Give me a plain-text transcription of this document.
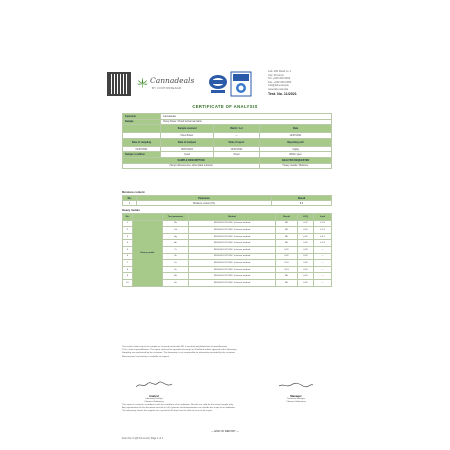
Cannadeals
BY COOTONSEAGR
Lab. 000 Road no 1
City, Province
Tel. +000 000 0000
Fax. +000 000 0000
info@lab.example
www.lab.example
Test. No. 11/2021
CERTIFICATE OF ANALYSIS
Customer	Cannadeals		
Sample	Hemp flower / Dried herbal cannabis		
	Sample received	Batch / Lot	Date
	Dried flower	—	12/07/2021
Date of sampling	Date of analysis	Date of report	Reporting unit
01/07/2021	05/07/2021	12/07/2021	mg/kg
Sample condition	Good	Dried	Within spec
SAMPLE DESCRIPTION			ANALYSIS REQUESTED
Hemp inflorescence, dried plant material			Heavy metals / Moisture
Moisture content
No.	Parameter	Result
1	Moisture content (%)	8.2
Heavy metals
No.		Test parameter	Method	Result	LOQ	Limit
1	Heavy metals	Pb	FR-M-018 ICP-MS / In-house method	ND	0.02	≤ 1.0
2		Cd	FR-M-018 ICP-MS / In-house method	ND	0.02	≤ 1.0
3		Hg	FR-M-018 ICP-MS / In-house method	ND	0.02	≤ 0.1
4		As	FR-M-018 ICP-MS / In-house method	ND	0.02	≤ 1.0
5		Cr	FR-M-018 ICP-MS / In-house method	0.31	0.02	—
6		Ni	FR-M-018 ICP-MS / In-house method	0.42	0.02	—
7		Cu	FR-M-018 ICP-MS / In-house method	5.10	0.02	—
8		Zn	FR-M-018 ICP-MS / In-house method	24.3	0.02	—
9		Sb	FR-M-018 ICP-MS / In-house method	ND	0.02	—
10		Se	FR-M-018 ICP-MS / In-house method	ND	0.02	—

The results relate only to the sample as received and tested. ND = not detected (below limit of quantification).

LOQ = limit of quantification. The report shall not be reproduced except in full without written approval of the laboratory.

Sampling was performed by the customer. The laboratory is not responsible for information provided by the customer.

Measurement uncertainty is available on request.

Analyst
Laboratory analyst
Chemical laboratory
Manager
Technical manager
Chemical laboratory

This report is issued in accordance with the conditions of accreditation. Results are valid for the tested sample only.

Any reproduction of this document must be in full. Opinions and interpretations are outside the scope of accreditation.

The laboratory retains the samples for a period of 30 days from the date of issue of the report.

— END OF REPORT —
Form No. F-QP-01 rev.01 | Page 1 of 1
